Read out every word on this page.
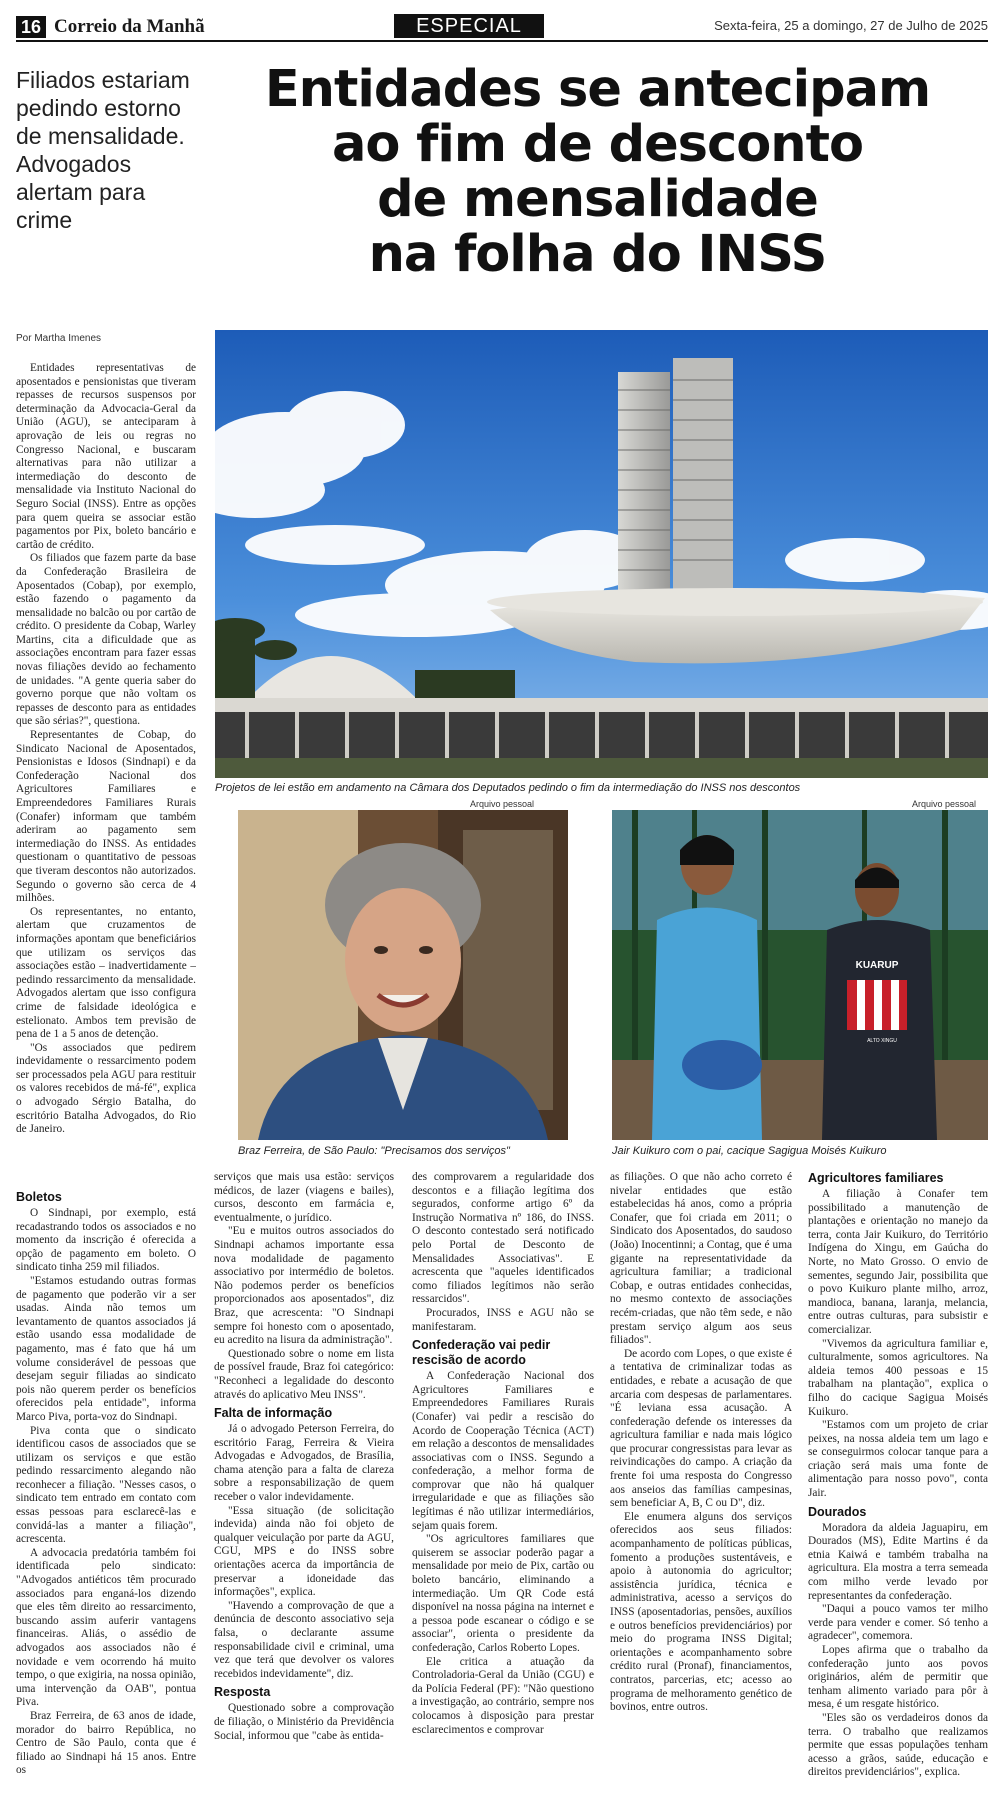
16 Correio da Manhã	ESPECIAL	Sexta-feira, 25 a domingo, 27 de Julho de 2025
Filiados estariam pedindo estorno de mensalidade. Advogados alertam para crime
Entidades se antecipam
ao fim de desconto
de mensalidade
na folha do INSS
Por Martha Imenes
Projetos de lei estão em andamento na Câmara dos Deputados pedindo o fim da intermediação do INSS nos descontos
Arquivo pessoal	Arquivo pessoal
Braz Ferreira, de São Paulo: "Precisamos dos serviços"
KUARUP
ALTO XINGU
Jair Kuikuro com o pai, cacique Sagigua Moisés Kuikuro

Entidades representativas de aposentados e pensionistas que tiveram repasses de recursos suspensos por determinação da Advocacia-Geral da União (AGU), se anteciparam à aprovação de leis ou regras no Congresso Nacional, e buscaram alternativas para não utilizar a intermediação do desconto de mensalidade via Instituto Nacional do Seguro Social (INSS). Entre as opções para quem queira se associar estão pagamentos por Pix, boleto bancário e cartão de crédito.

Os filiados que fazem parte da base da Confederação Brasileira de Aposentados (Cobap), por exemplo, estão fazendo o pagamento da mensalidade no balcão ou por cartão de crédito. O presidente da Cobap, Warley Martins, cita a dificuldade que as associações encontram para fazer essas novas filiações devido ao fechamento de unidades. "A gente queria saber do governo porque que não voltam os repasses de desconto para as entidades que são sérias?", questiona.

Representantes de Cobap, do Sindicato Nacional de Aposentados, Pensionistas e Idosos (Sindnapi) e da Confederação Nacional dos Agricultores Familiares e Empreendedores Familiares Rurais (Conafer) informam que também aderiram ao pagamento sem intermediação do INSS. As entidades questionam o quantitativo de pessoas que tiveram descontos não autorizados. Segundo o governo são cerca de 4 milhões.

Os representantes, no entanto, alertam que cruzamentos de informações apontam que beneficiários que utilizam os serviços das associações estão – inadvertidamente – pedindo ressarcimento da mensalidade. Advogados alertam que isso configura crime de falsidade ideológica e estelionato. Ambos tem previsão de pena de 1 a 5 anos de detenção.

"Os associados que pedirem indevidamente o ressarcimento podem ser processados pela AGU para restituir os valores recebidos de má-fé", explica o advogado Sérgio Batalha, do escritório Batalha Advogados, do Rio de Janeiro.

Boletos

O Sindnapi, por exemplo, está recadastrando todos os associados e no momento da inscrição é oferecida a opção de pagamento em boleto. O sindicato tinha 259 mil filiados.

"Estamos estudando outras formas de pagamento que poderão vir a ser usadas. Ainda não temos um levantamento de quantos associados já estão usando essa modalidade de pagamento, mas é fato que há um volume considerável de pessoas que desejam seguir filiadas ao sindicato pois não querem perder os benefícios oferecidos pela entidade", informa Marco Piva, porta-voz do Sindnapi.

Piva conta que o sindicato identificou casos de associados que se utilizam os serviços e que estão pedindo ressarcimento alegando não reconhecer a filiação. "Nesses casos, o sindicato tem entrado em contato com essas pessoas para esclarecê-las e convidá-las a manter a filiação", acrescenta.

A advocacia predatória também foi identificada pelo sindicato: "Advogados antiéticos têm procurado associados para enganá-los dizendo que eles têm direito ao ressarcimento, buscando assim auferir vantagens financeiras. Aliás, o assédio de advogados aos associados não é novidade e vem ocorrendo há muito tempo, o que exigiria, na nossa opinião, uma intervenção da OAB", pontua Piva.

Braz Ferreira, de 63 anos de idade, morador do bairro República, no Centro de São Paulo, conta que é filiado ao Sindnapi há 15 anos. Entre os

serviços que mais usa estão: serviços médicos, de lazer (viagens e bailes), cursos, desconto em farmácia e, eventualmente, o jurídico.

"Eu e muitos outros associados do Sindnapi achamos importante essa nova modalidade de pagamento associativo por intermédio de boletos. Não podemos perder os benefícios proporcionados aos aposentados", diz Braz, que acrescenta: "O Sindnapi sempre foi honesto com o aposentado, eu acredito na lisura da administração".

Questionado sobre o nome em lista de possível fraude, Braz foi categórico: "Reconheci a legalidade do desconto através do aplicativo Meu INSS".

Falta de informação

Já o advogado Peterson Ferreira, do escritório Farag, Ferreira & Vieira Advogadas e Advogados, de Brasília, chama atenção para a falta de clareza sobre a responsabilização de quem receber o valor indevidamente.

"Essa situação (de solicitação indevida) ainda não foi objeto de qualquer veiculação por parte da AGU, CGU, MPS e do INSS sobre orientações acerca da importância de preservar a idoneidade das informações", explica.

"Havendo a comprovação de que a denúncia de desconto associativo seja falsa, o declarante assume responsabilidade civil e criminal, uma vez que terá que devolver os valores recebidos indevidamente", diz.

Resposta

Questionado sobre a comprovação de filiação, o Ministério da Previdência Social, informou que "cabe às entida-

des comprovarem a regularidade dos descontos e a filiação legítima dos segurados, conforme artigo 6º da Instrução Normativa nº 186, do INSS. O desconto contestado será notificado pelo Portal de Desconto de Mensalidades Associativas". E acrescenta que "aqueles identificados como filiados legítimos não serão ressarcidos".

Procurados, INSS e AGU não se manifestaram.

Confederação vai pedir rescisão de acordo

A Confederação Nacional dos Agricultores Familiares e Empreendedores Familiares Rurais (Conafer) vai pedir a rescisão do Acordo de Cooperação Técnica (ACT) em relação a descontos de mensalidades associativas com o INSS. Segundo a confederação, a melhor forma de comprovar que não há qualquer irregularidade e que as filiações são legítimas é não utilizar intermediários, sejam quais forem.

"Os agricultores familiares que quiserem se associar poderão pagar a mensalidade por meio de Pix, cartão ou boleto bancário, eliminando a intermediação. Um QR Code está disponível na nossa página na internet e a pessoa pode escanear o código e se associar", orienta o presidente da confederação, Carlos Roberto Lopes.

Ele critica a atuação da Controladoria-Geral da União (CGU) e da Polícia Federal (PF): "Não questiono a investigação, ao contrário, sempre nos colocamos à disposição para prestar esclarecimentos e comprovar

as filiações. O que não acho correto é nivelar entidades que estão estabelecidas há anos, como a própria Conafer, que foi criada em 2011; o Sindicato dos Aposentados, do saudoso (João) Inocentinni; a Contag, que é uma gigante na representatividade da agricultura familiar; a tradicional Cobap, e outras entidades conhecidas, no mesmo contexto de associações recém-criadas, que não têm sede, e não prestam serviço algum aos seus filiados".

De acordo com Lopes, o que existe é a tentativa de criminalizar todas as entidades, e rebate a acusação de que arcaria com despesas de parlamentares. "É leviana essa acusação. A confederação defende os interesses da agricultura familiar e nada mais lógico que procurar congressistas para levar as reivindicações do campo. A criação da frente foi uma resposta do Congresso aos anseios das famílias campesinas, sem beneficiar A, B, C ou D", diz.

Ele enumera alguns dos serviços oferecidos aos seus filiados: acompanhamento de políticas públicas, fomento a produções sustentáveis, e apoio à autonomia do agricultor; assistência jurídica, técnica e administrativa, acesso a serviços do INSS (aposentadorias, pensões, auxílios e outros benefícios previdenciários) por meio do programa INSS Digital; orientações e acompanhamento sobre crédito rural (Pronaf), financiamentos, contratos, parcerias, etc; acesso ao programa de melhoramento genético de bovinos, entre outros.

Agricultores familiares

A filiação à Conafer tem possibilitado a manutenção de plantações e orientação no manejo da terra, conta Jair Kuikuro, do Território Indígena do Xingu, em Gaúcha do Norte, no Mato Grosso. O envio de sementes, segundo Jair, possibilita que o povo Kuikuro plante milho, arroz, mandioca, banana, laranja, melancia, entre outras culturas, para subsistir e comercializar.

"Vivemos da agricultura familiar e, culturalmente, somos agricultores. Na aldeia temos 400 pessoas e 15 trabalham na plantação", explica o filho do cacique Sagigua Moisés Kuikuro.

"Estamos com um projeto de criar peixes, na nossa aldeia tem um lago e se conseguirmos colocar tanque para a criação será mais uma fonte de alimentação para nosso povo", conta Jair.

Dourados

Moradora da aldeia Jaguapiru, em Dourados (MS), Edite Martins é da etnia Kaiwá e também trabalha na agricultura. Ela mostra a terra semeada com milho verde levado por representantes da confederação.

"Daqui a pouco vamos ter milho verde para vender e comer. Só tenho a agradecer", comemora.

Lopes afirma que o trabalho da confederação junto aos povos originários, além de permitir que tenham alimento variado para pôr à mesa, é um resgate histórico.

"Eles são os verdadeiros donos da terra. O trabalho que realizamos permite que essas populações tenham acesso a grãos, saúde, educação e direitos previdenciários", explica.
